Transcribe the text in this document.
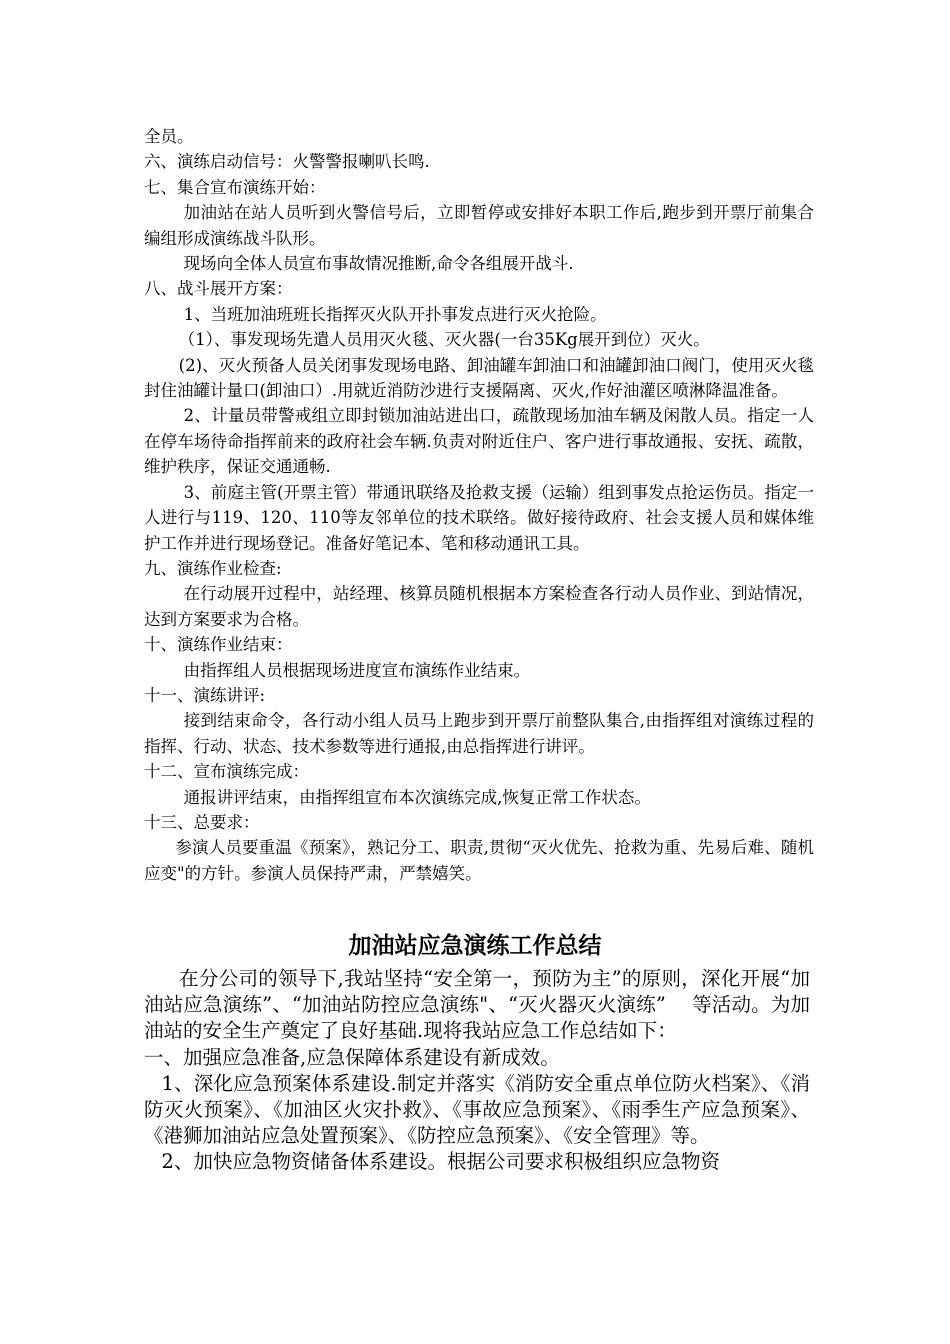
全员。

六、演练启动信号：火警警报喇叭长鸣.

七、集合宣布演练开始：

加油站在站人员听到火警信号后，立即暂停或安排好本职工作后,跑步到开票厅前集合编组形成演练战斗队形。

现场向全体人员宣布事故情况推断,命令各组展开战斗.

八、战斗展开方案：

1、当班加油班班长指挥灭火队开扑事发点进行灭火抢险。

（1）、事发现场先遣人员用灭火毯、灭火器(一台35Kg展开到位）灭火。

(2)、灭火预备人员关闭事发现场电路、卸油罐车卸油口和油罐卸油口阀门，使用灭火毯封住油罐计量口(卸油口）.用就近消防沙进行支援隔离、灭火,作好油灌区喷淋降温准备。

2、计量员带警戒组立即封锁加油站进出口，疏散现场加油车辆及闲散人员。指定一人在停车场待命指挥前来的政府社会车辆.负责对附近住户、客户进行事故通报、安抚、疏散，维护秩序，保证交通通畅.

3、前庭主管(开票主管）带通讯联络及抢救支援（运输）组到事发点抢运伤员。指定一人进行与119、120、110等友邻单位的技术联络。做好接待政府、社会支援人员和媒体维护工作并进行现场登记。准备好笔记本、笔和移动通讯工具。

九、演练作业检查:

在行动展开过程中，站经理、核算员随机根据本方案检查各行动人员作业、到站情况，达到方案要求为合格。

十、演练作业结束：

由指挥组人员根据现场进度宣布演练作业结束。

十一、演练讲评:

接到结束命令，各行动小组人员马上跑步到开票厅前整队集合,由指挥组对演练过程的指挥、行动、状态、技术参数等进行通报,由总指挥进行讲评。

十二、宣布演练完成：

通报讲评结束，由指挥组宣布本次演练完成,恢复正常工作状态。

十三、总要求：

参演人员要重温《预案》，熟记分工、职责,贯彻“灭火优先、抢救为重、先易后难、随机应变"的方针。参演人员保持严肃，严禁嬉笑。

加油站应急演练工作总结

在分公司的领导下,我站坚持“安全第一，预防为主”的原则，深化开展“加油站应急演练”、“加油站防控应急演练"、“灭火器灭火演练”　 等活动。为加油站的安全生产奠定了良好基础.现将我站应急工作总结如下：

一、加强应急准备,应急保障体系建设有新成效。

1、深化应急预案体系建设.制定并落实《消防安全重点单位防火档案》、《消防灭火预案》、《加油区火灾扑救》、《事故应急预案》、《雨季生产应急预案》、《港狮加油站应急处置预案》、《防控应急预案》、《安全管理》等。

2、加快应急物资储备体系建设。根据公司要求积极组织应急物资
